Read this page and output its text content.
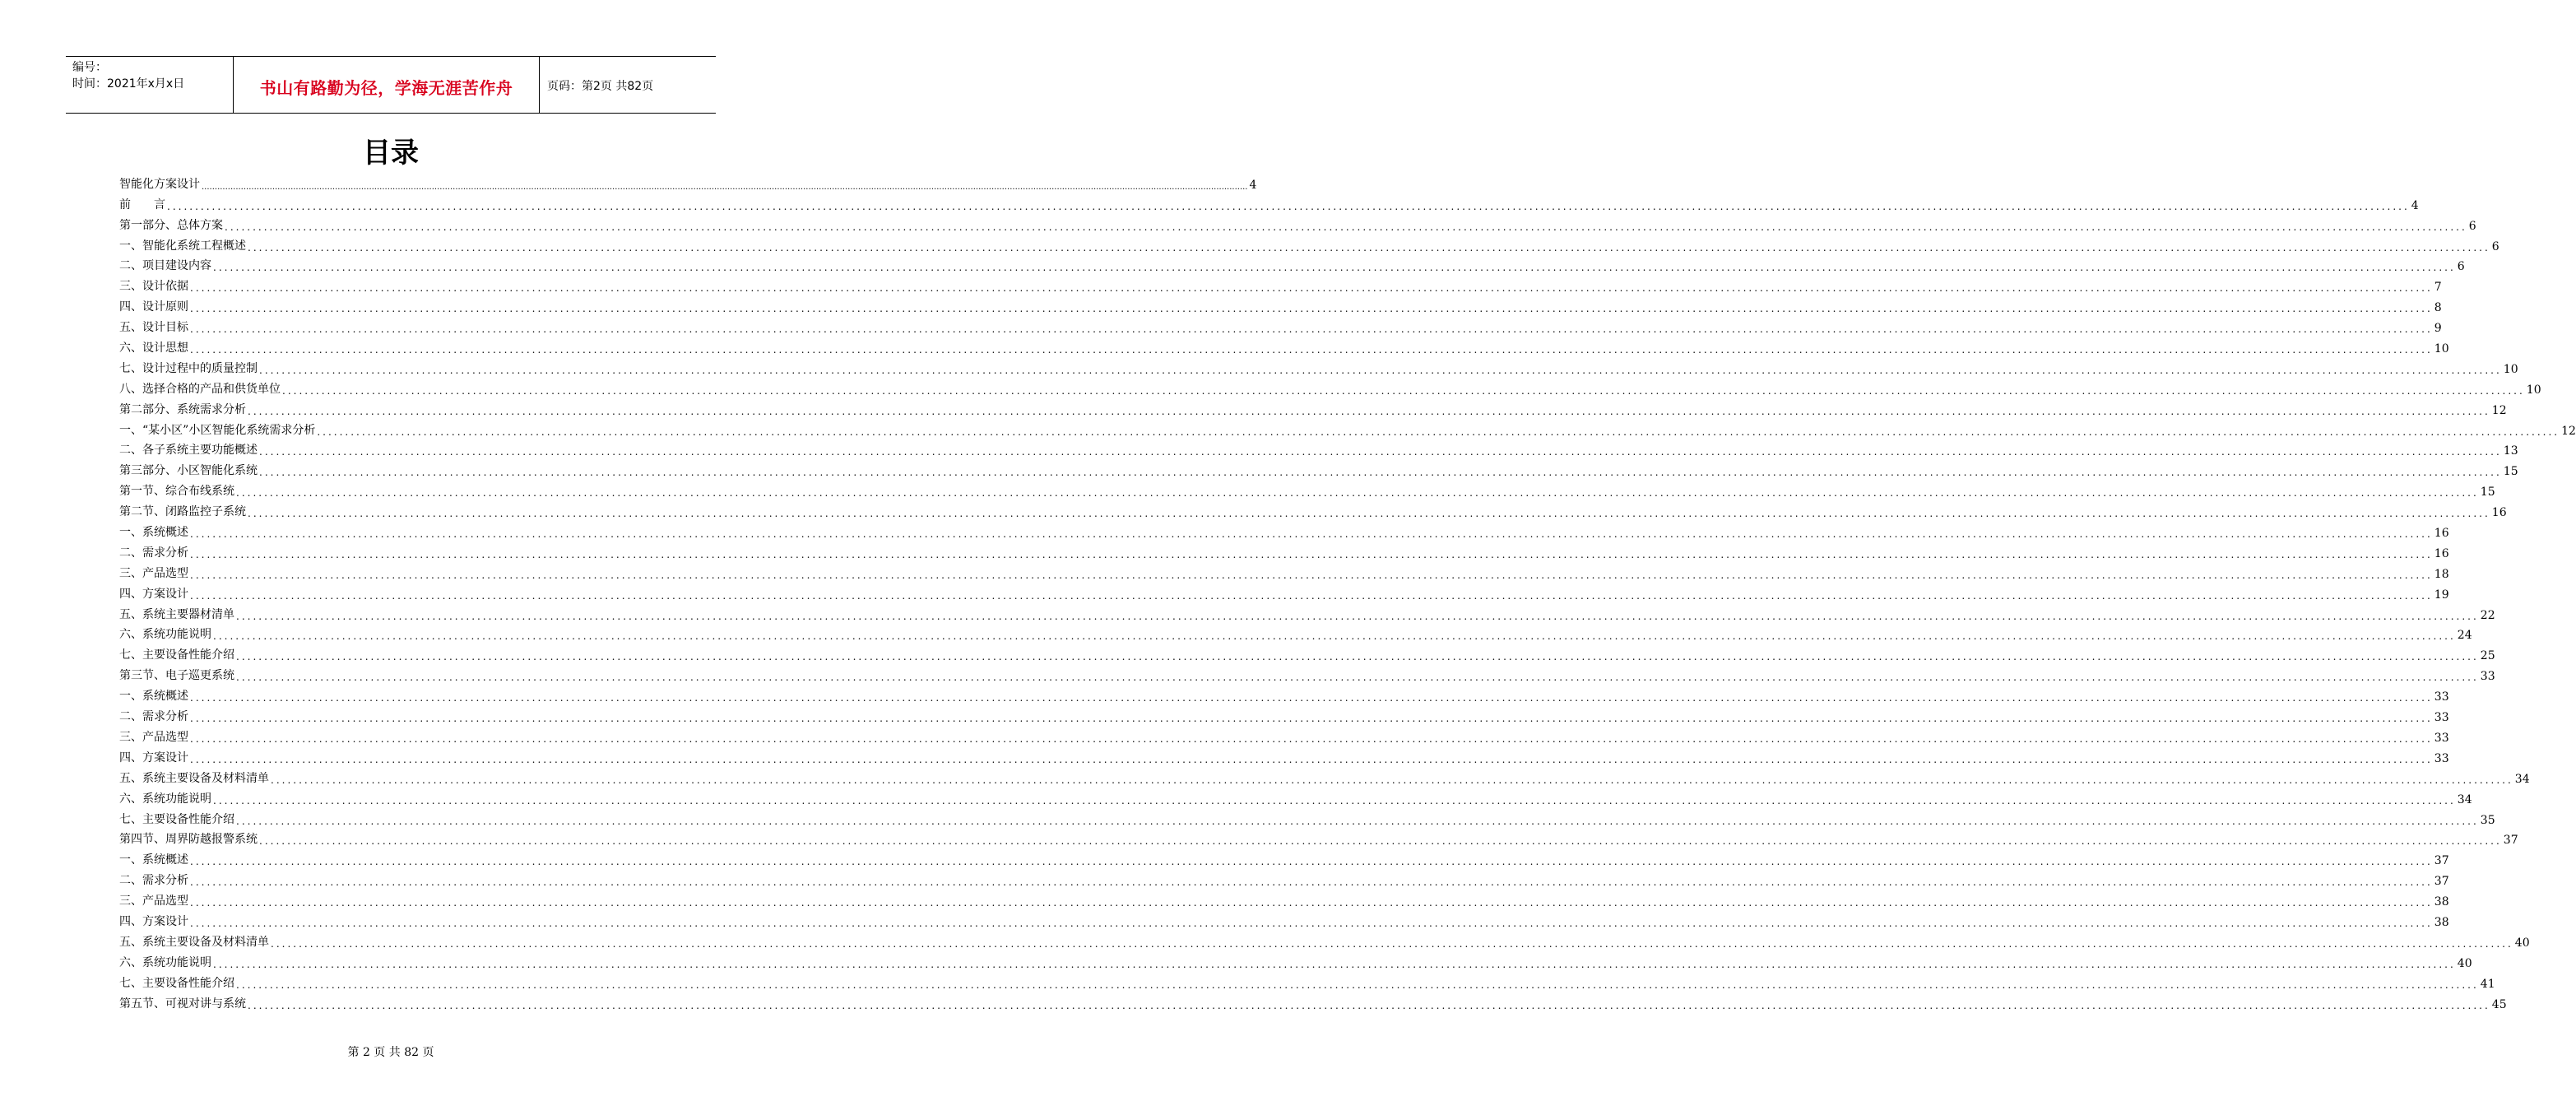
编号：
时间：2021年x月x日	书山有路勤为径，学海无涯苦作舟	页码：第2页 共82页
目录
智能化方案设计 ................................................................................................................................................................................................................................................................................................................................................................................................................ 4
前　　言 ................................................................................................................................................................................................................................................................................................................................................................................................................ 4
第一部分、总体方案 ................................................................................................................................................................................................................................................................................................................................................................................................................ 6
一、智能化系统工程概述 ................................................................................................................................................................................................................................................................................................................................................................................................................ 6
二、项目建设内容 ................................................................................................................................................................................................................................................................................................................................................................................................................ 6
三、设计依据 ................................................................................................................................................................................................................................................................................................................................................................................................................ 7
四、设计原则 ................................................................................................................................................................................................................................................................................................................................................................................................................ 8
五、设计目标 ................................................................................................................................................................................................................................................................................................................................................................................................................ 9
六、设计思想 ................................................................................................................................................................................................................................................................................................................................................................................................................ 10
七、设计过程中的质量控制 ................................................................................................................................................................................................................................................................................................................................................................................................................ 10
八、选择合格的产品和供货单位 ................................................................................................................................................................................................................................................................................................................................................................................................................ 10
第二部分、系统需求分析 ................................................................................................................................................................................................................................................................................................................................................................................................................ 12
一、“某小区”小区智能化系统需求分析 ................................................................................................................................................................................................................................................................................................................................................................................................................ 12
二、各子系统主要功能概述 ................................................................................................................................................................................................................................................................................................................................................................................................................ 13
第三部分、小区智能化系统 ................................................................................................................................................................................................................................................................................................................................................................................................................ 15
第一节、综合布线系统 ................................................................................................................................................................................................................................................................................................................................................................................................................ 15
第二节、闭路监控子系统 ................................................................................................................................................................................................................................................................................................................................................................................................................ 16
一、系统概述 ................................................................................................................................................................................................................................................................................................................................................................................................................ 16
二、需求分析 ................................................................................................................................................................................................................................................................................................................................................................................................................ 16
三、产品选型 ................................................................................................................................................................................................................................................................................................................................................................................................................ 18
四、方案设计 ................................................................................................................................................................................................................................................................................................................................................................................................................ 19
五、系统主要器材清单 ................................................................................................................................................................................................................................................................................................................................................................................................................ 22
六、系统功能说明 ................................................................................................................................................................................................................................................................................................................................................................................................................ 24
七、主要设备性能介绍 ................................................................................................................................................................................................................................................................................................................................................................................................................ 25
第三节、电子巡更系统 ................................................................................................................................................................................................................................................................................................................................................................................................................ 33
一、系统概述 ................................................................................................................................................................................................................................................................................................................................................................................................................ 33
二、需求分析 ................................................................................................................................................................................................................................................................................................................................................................................................................ 33
三、产品选型 ................................................................................................................................................................................................................................................................................................................................................................................................................ 33
四、方案设计 ................................................................................................................................................................................................................................................................................................................................................................................................................ 33
五、系统主要设备及材料清单 ................................................................................................................................................................................................................................................................................................................................................................................................................ 34
六、系统功能说明 ................................................................................................................................................................................................................................................................................................................................................................................................................ 34
七、主要设备性能介绍 ................................................................................................................................................................................................................................................................................................................................................................................................................ 35
第四节、周界防越报警系统 ................................................................................................................................................................................................................................................................................................................................................................................................................ 37
一、系统概述 ................................................................................................................................................................................................................................................................................................................................................................................................................ 37
二、需求分析 ................................................................................................................................................................................................................................................................................................................................................................................................................ 37
三、产品选型 ................................................................................................................................................................................................................................................................................................................................................................................................................ 38
四、方案设计 ................................................................................................................................................................................................................................................................................................................................................................................................................ 38
五、系统主要设备及材料清单 ................................................................................................................................................................................................................................................................................................................................................................................................................ 40
六、系统功能说明 ................................................................................................................................................................................................................................................................................................................................................................................................................ 40
七、主要设备性能介绍 ................................................................................................................................................................................................................................................................................................................................................................................................................ 41
第五节、可视对讲与系统 ................................................................................................................................................................................................................................................................................................................................................................................................................ 45
第 2 页 共 82 页
